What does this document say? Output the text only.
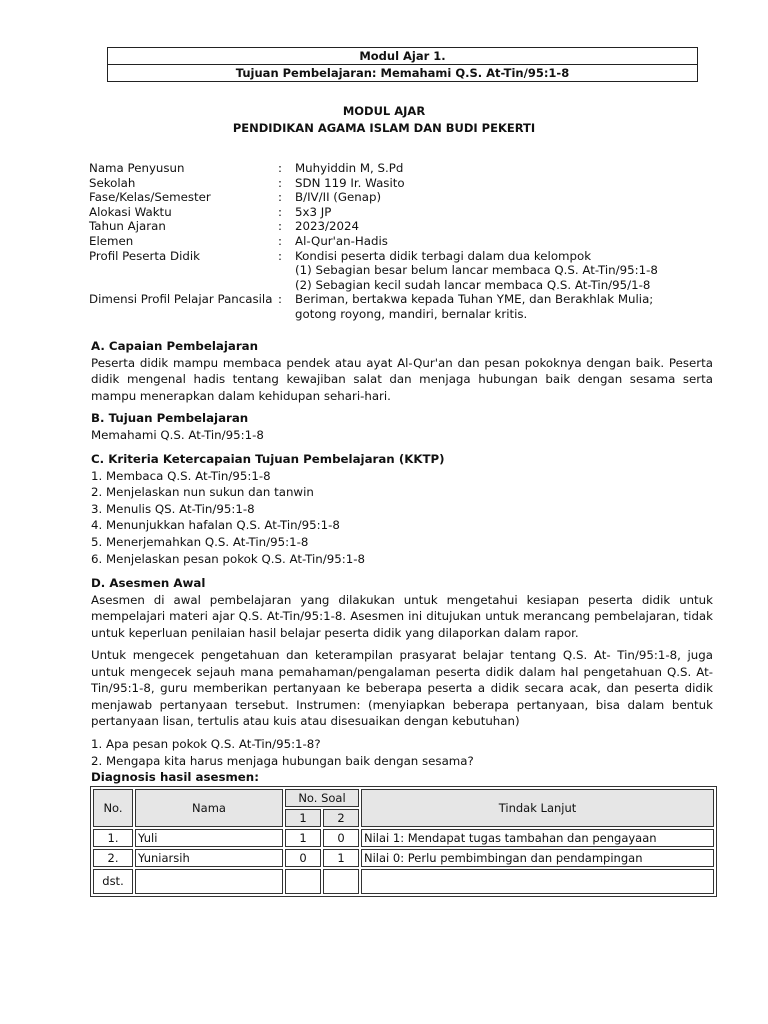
Modul Ajar 1.
Tujuan Pembelajaran: Memahami Q.S. At-Tin/95:1-8
MODUL AJAR
PENDIDIKAN AGAMA ISLAM DAN BUDI PEKERTI
Nama Penyusun	:	Muhyiddin M, S.Pd
Sekolah	:	SDN 119 Ir. Wasito
Fase/Kelas/Semester	:	B/IV/II (Genap)
Alokasi Waktu	:	5x3 JP
Tahun Ajaran	:	2023/2024
Elemen	:	Al-Qur'an-Hadis
Profil Peserta Didik	:	Kondisi peserta didik terbagi dalam dua kelompok
(1) Sebagian besar belum lancar membaca Q.S. At-Tin/95:1-8
(2) Sebagian kecil sudah lancar membaca Q.S. At-Tin/95/1-8
Dimensi Profil Pelajar Pancasila :	Beriman, bertakwa kepada Tuhan YME, dan Berakhlak Mulia;
gotong royong, mandiri, bernalar kritis.
A. Capaian Pembelajaran
Peserta didik mampu membaca pendek atau ayat Al-Qur'an dan pesan pokoknya dengan baik. Peserta didik mengenal hadis tentang kewajiban salat dan menjaga hubungan baik dengan sesama serta mampu menerapkan dalam kehidupan sehari-hari.
B. Tujuan Pembelajaran
Memahami Q.S. At-Tin/95:1-8
C. Kriteria Ketercapaian Tujuan Pembelajaran (KKTP)
1. Membaca Q.S. At-Tin/95:1-8
2. Menjelaskan nun sukun dan tanwin
3. Menulis QS. At-Tin/95:1-8
4. Menunjukkan hafalan Q.S. At-Tin/95:1-8
5. Menerjemahkan Q.S. At-Tin/95:1-8
6. Menjelaskan pesan pokok Q.S. At-Tin/95:1-8
D. Asesmen Awal
Asesmen di awal pembelajaran yang dilakukan untuk mengetahui kesiapan peserta didik untuk mempelajari materi ajar Q.S. At-Tin/95:1-8. Asesmen ini ditujukan untuk merancang pembelajaran, tidak untuk keperluan penilaian hasil belajar peserta didik yang dilaporkan dalam rapor.
Untuk mengecek pengetahuan dan keterampilan prasyarat belajar tentang Q.S. At- Tin/95:1-8, juga untuk mengecek sejauh mana pemahaman/pengalaman peserta didik dalam hal pengetahuan Q.S. At-Tin/95:1-8, guru memberikan pertanyaan ke beberapa peserta a didik secara acak, dan peserta didik menjawab pertanyaan tersebut. Instrumen: (menyiapkan beberapa pertanyaan, bisa dalam bentuk pertanyaan lisan, tertulis atau kuis atau disesuaikan dengan kebutuhan)
1. Apa pesan pokok Q.S. At-Tin/95:1-8?
2. Mengapa kita harus menjaga hubungan baik dengan sesama?
Diagnosis hasil asesmen:
No.	Nama	No. Soal		Tindak Lanjut
		1	2	
1.	Yuli	1	0	Nilai 1: Mendapat tugas tambahan dan pengayaan
2.	Yuniarsih	0	1	Nilai 0: Perlu pembimbingan dan pendampingan
dst.				
